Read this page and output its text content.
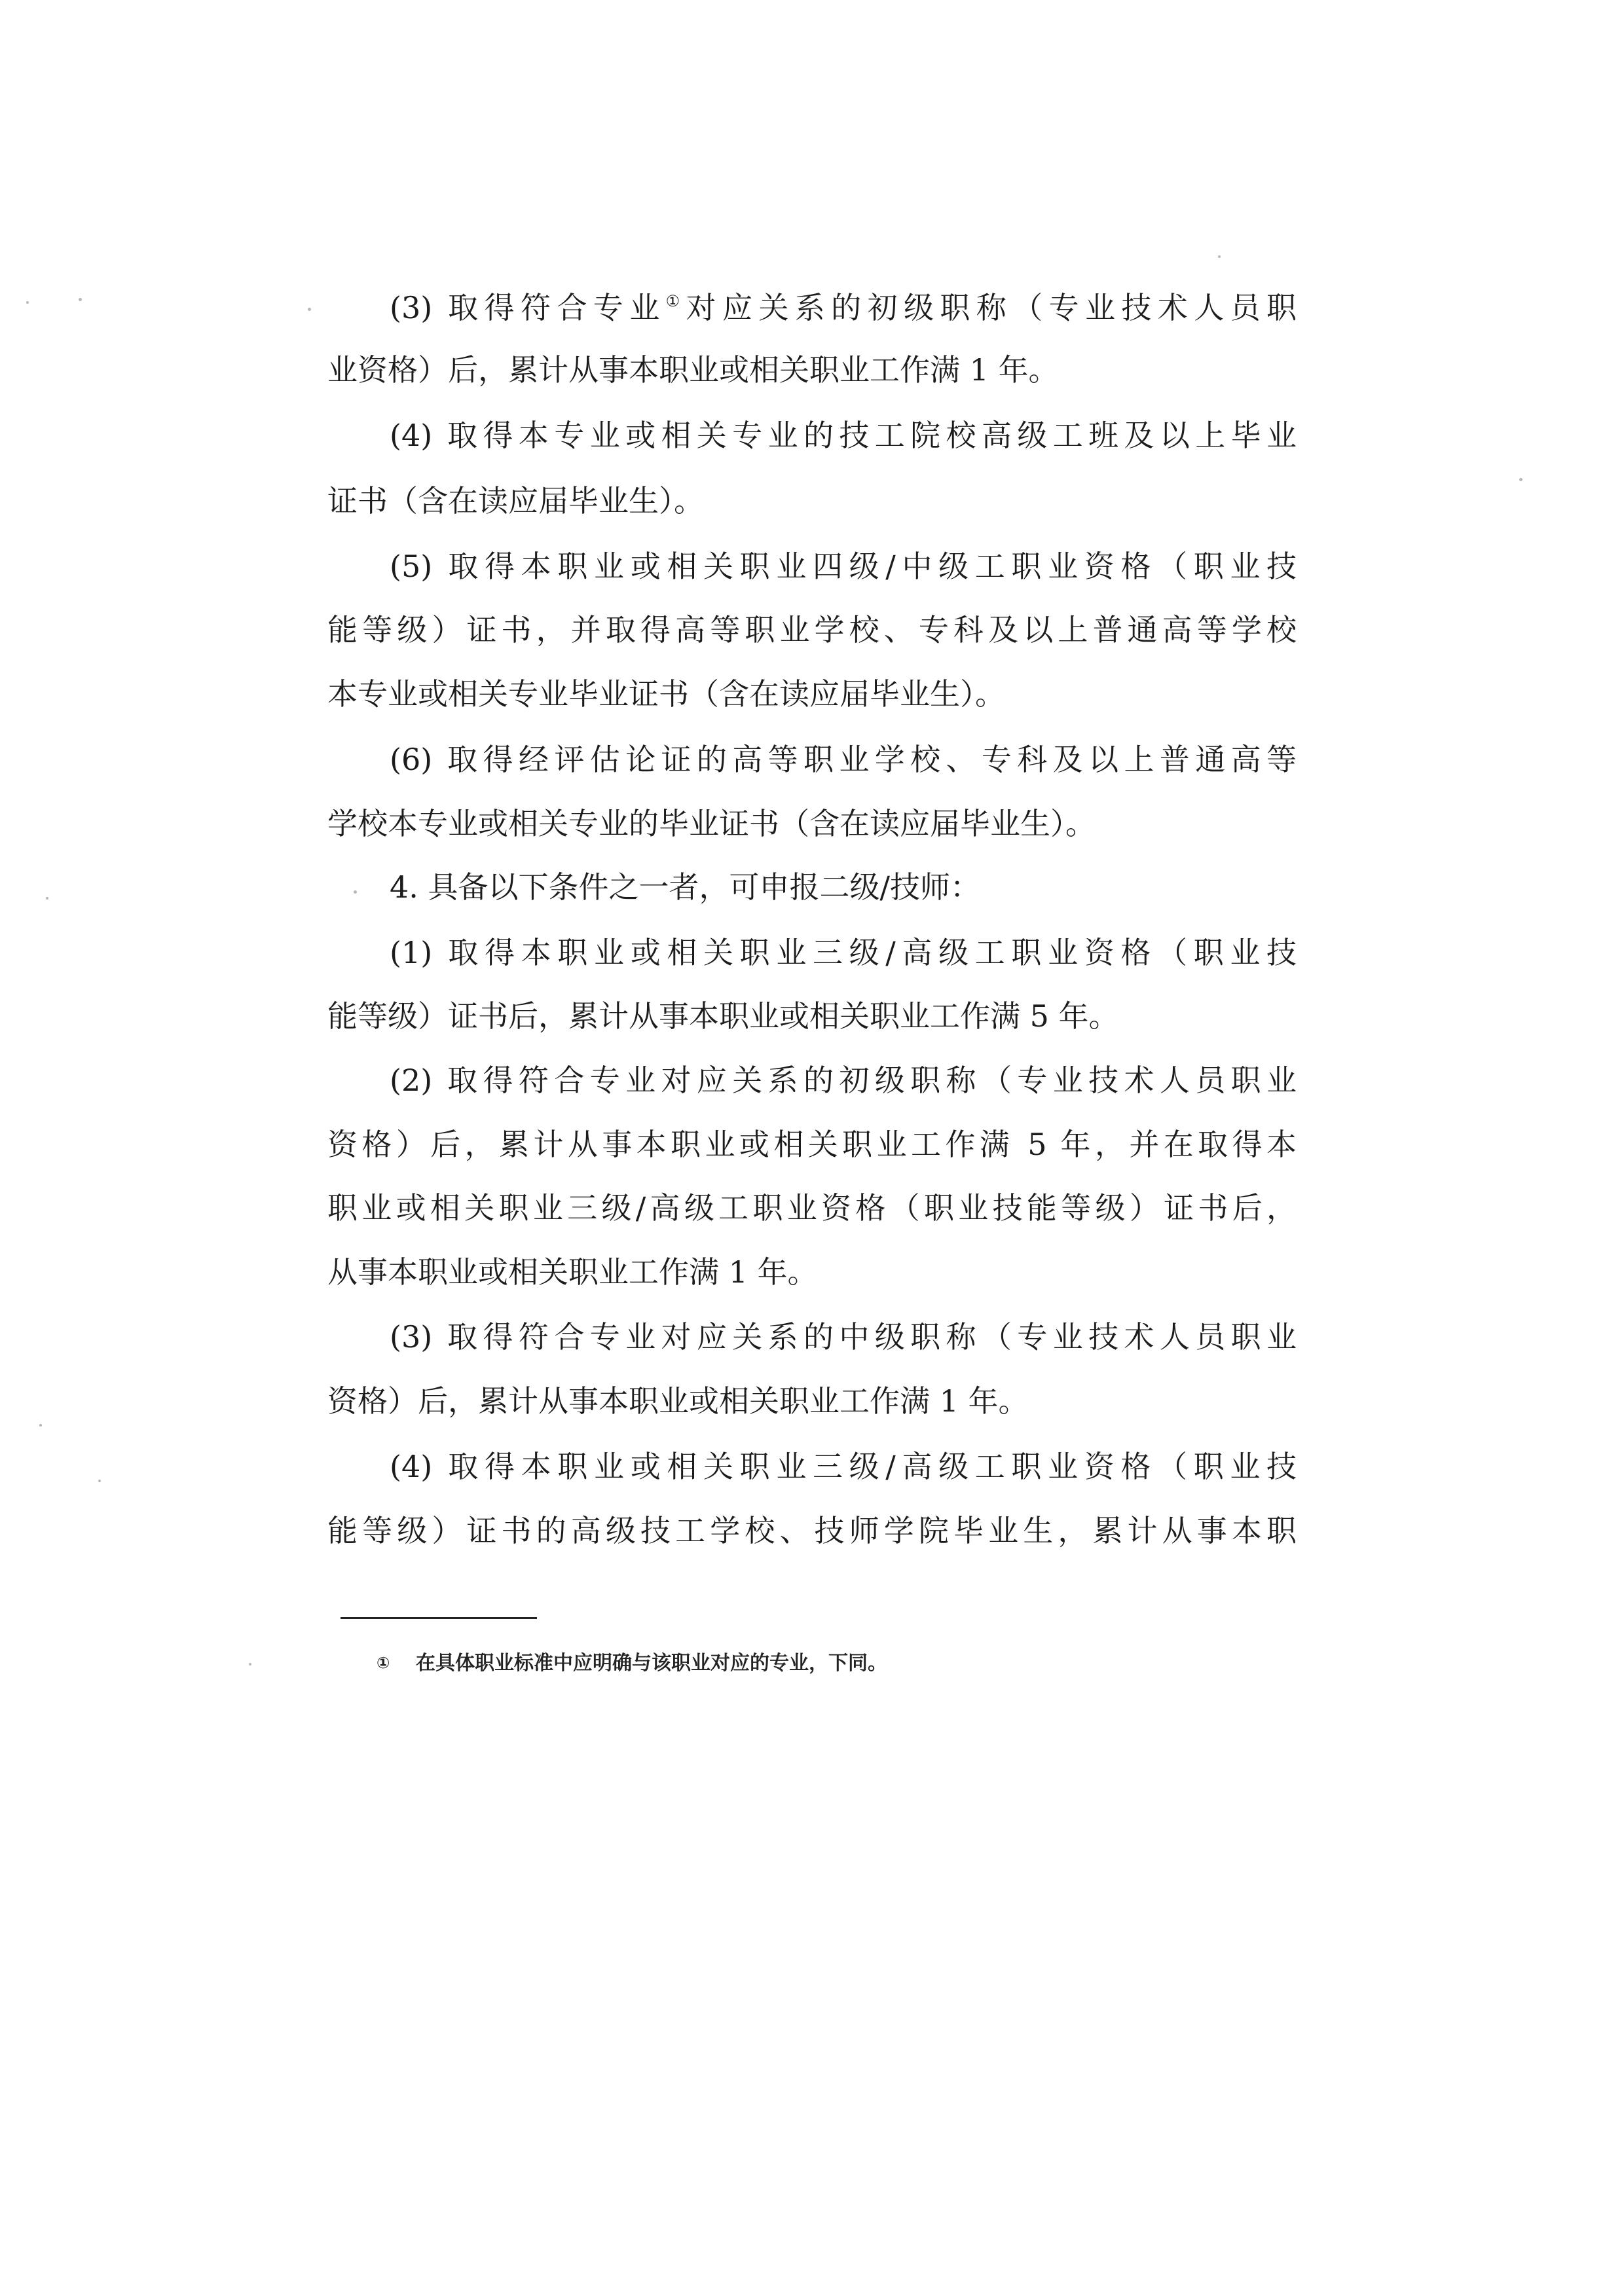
(3) 取得符合专业①对应关系的初级职称（专业技术人员职
业资格）后，累计从事本职业或相关职业工作满 1 年。
(4) 取得本专业或相关专业的技工院校高级工班及以上毕业
证书（含在读应届毕业生）。
(5) 取得本职业或相关职业四级/中级工职业资格（职业技
能等级）证书，并取得高等职业学校、专科及以上普通高等学校
本专业或相关专业毕业证书（含在读应届毕业生）。
(6) 取得经评估论证的高等职业学校、专科及以上普通高等
学校本专业或相关专业的毕业证书（含在读应届毕业生）。
4. 具备以下条件之一者，可申报二级/技师：
(1) 取得本职业或相关职业三级/高级工职业资格（职业技
能等级）证书后，累计从事本职业或相关职业工作满 5 年。
(2) 取得符合专业对应关系的初级职称（专业技术人员职业
资格）后，累计从事本职业或相关职业工作满 5 年，并在取得本
职业或相关职业三级/高级工职业资格（职业技能等级）证书后，
从事本职业或相关职业工作满 1 年。
(3) 取得符合专业对应关系的中级职称（专业技术人员职业
资格）后，累计从事本职业或相关职业工作满 1 年。
(4) 取得本职业或相关职业三级/高级工职业资格（职业技
能等级）证书的高级技工学校、技师学院毕业生，累计从事本职
① 在具体职业标准中应明确与该职业对应的专业，下同。
